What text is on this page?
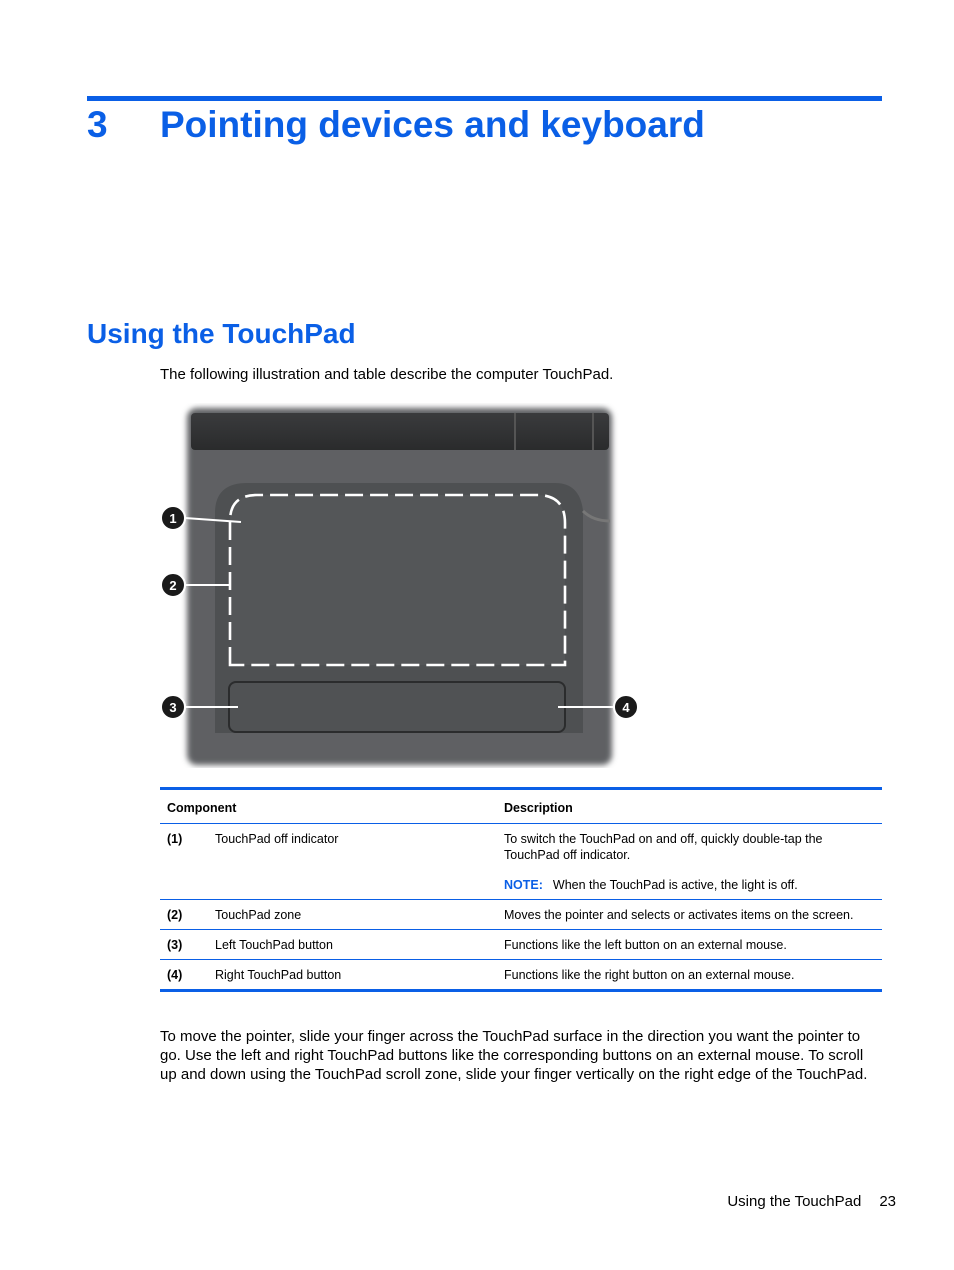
3 Pointing devices and keyboard
Using the TouchPad

The following illustration and table describe the computer TouchPad.

1
2
3	4
Component		Description
(1)	TouchPad off indicator	To switch the TouchPad on and off, quickly double-tap the TouchPad off indicator.
NOTE: When the TouchPad is active, the light is off.

(2)	TouchPad zone	Moves the pointer and selects or activates items on the screen.
(3)	Left TouchPad button	Functions like the left button on an external mouse.
(4)	Right TouchPad button	Functions like the right button on an external mouse.

To move the pointer, slide your finger across the TouchPad surface in the direction you want the pointer to go. Use the left and right TouchPad buttons like the corresponding buttons on an external mouse. To scroll up and down using the TouchPad scroll zone, slide your finger vertically on the right edge of the TouchPad.

Using the TouchPad 23
